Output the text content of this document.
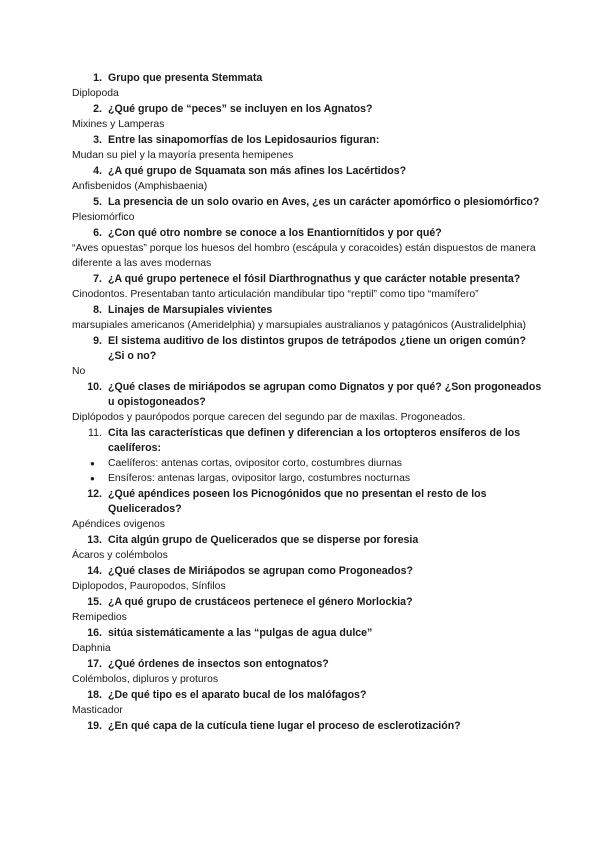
1. Grupo que presenta Stemmata
Diplopoda
2. ¿Qué grupo de “peces” se incluyen en los Agnatos?
Mixines y Lamperas
3. Entre las sinapomorfías de los Lepidosaurios figuran:
Mudan su piel y la mayoría presenta hemipenes
4. ¿A qué grupo de Squamata son más afines los Lacértidos?
Anfisbenidos (Amphisbaenia)
5. La presencia de un solo ovario en Aves, ¿es un carácter apomórfico o plesiomórfico?
Plesiomórfico
6. ¿Con qué otro nombre se conoce a los Enantiornítidos y por qué?
“Aves opuestas” porque los huesos del hombro (escápula y coracoides) están dispuestos de manera diferente a las aves modernas
7. ¿A qué grupo pertenece el fósil Diarthrognathus y que carácter notable presenta?
Cinodontos. Presentaban tanto articulación mandibular tipo “reptil” como tipo “mamífero”
8. Linajes de Marsupiales vivientes
marsupiales americanos (Ameridelphia) y marsupiales australianos y patagónicos (Australidelphia)
9. El sistema auditivo de los distintos grupos de tetrápodos ¿tiene un origen común? ¿Si o no?
No
10. ¿Qué clases de miriápodos se agrupan como Dignatos y por qué? ¿Son progoneados u opistogoneados?
Diplópodos y paurópodos porque carecen del segundo par de maxilas. Progoneados.
11. Cita las características que definen y diferencian a los ortopteros ensíferos de los caelíferos:
●	Caelíferos: antenas cortas, ovipositor corto, costumbres diurnas
●	Ensíferos: antenas largas, ovipositor largo, costumbres nocturnas
12. ¿Qué apéndices poseen los Picnogónidos que no presentan el resto de los Quelicerados?
Apéndices ovigenos
13. Cita algún grupo de Quelicerados que se disperse por foresia
Ácaros y colémbolos
14. ¿Qué clases de Miriápodos se agrupan como Progoneados?
Diplopodos, Pauropodos, Sínfilos
15. ¿A qué grupo de crustáceos pertenece el género Morlockia?
Remipedios
16. sitúa sistemáticamente a las “pulgas de agua dulce”
Daphnia
17. ¿Qué órdenes de insectos son entognatos?
Colémbolos, dipluros y proturos
18. ¿De qué tipo es el aparato bucal de los malófagos?
Masticador
19. ¿En qué capa de la cutícula tiene lugar el proceso de esclerotización?
